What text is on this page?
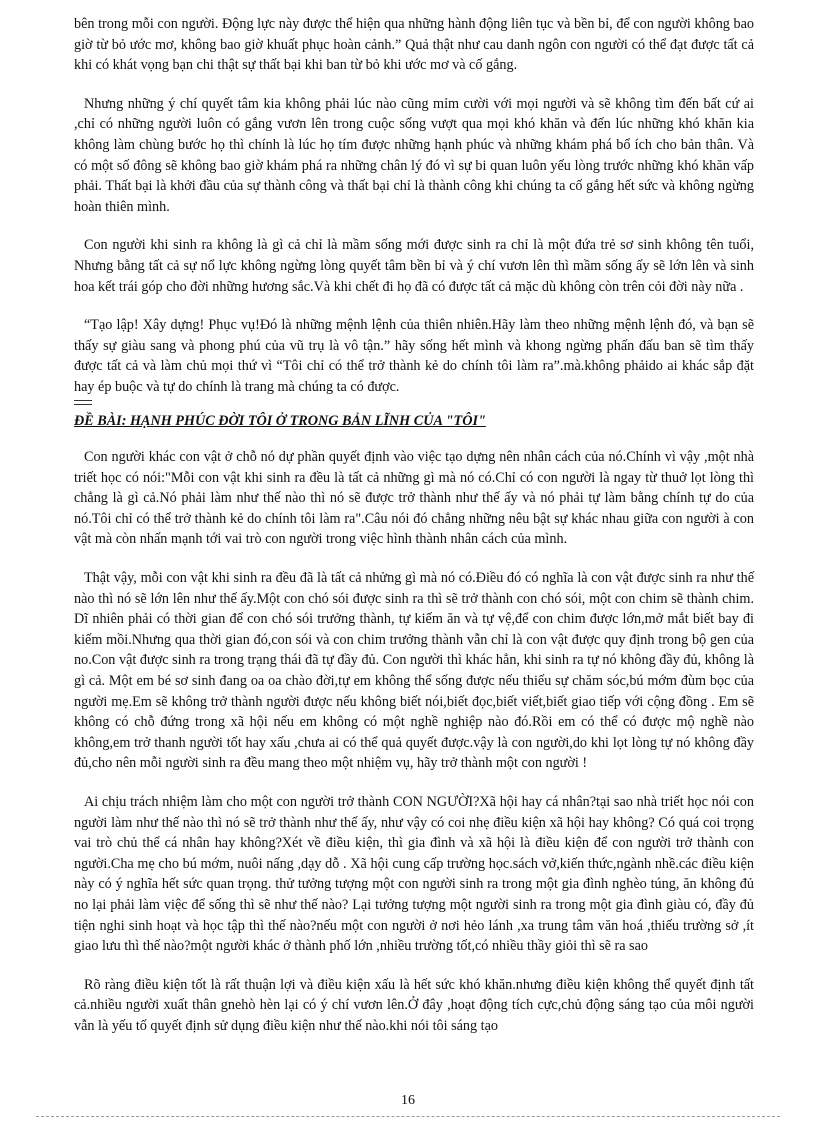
bên trong mỗi con người. Động lực này được thể hiện qua những hành động liên tục và bền bỉ, để con người không bao giờ từ bỏ ước mơ, không bao giờ khuất phục hoàn cảnh.” Quả thật như cau danh ngôn con người có thể đạt được tất cả khi có khát vọng bạn chi thật sự thất bại khi ban từ bỏ khi ước mơ và cố gắng.

Nhưng những ý chí quyết tâm kia không phải lúc nào cũng mỉm cười với mọi người và sẽ không tìm đến bất cứ ai ,chỉ có những người luôn có gắng vươn lên trong cuộc sống vượt qua mọi khó khăn và đến lúc những khó khăn kia không làm chùng bước họ thì chính là lúc họ tím được những hạnh phúc và những khám phá bổ ích cho bản thân. Và có một số đông sẽ không bao giờ khám phá ra những chân lý đó vì sự bi quan luôn yếu lòng trước những khó khăn vấp phải. Thất bại là khởi đầu của sự thành công và thất bại chỉ là thành công khi chúng ta cố gắng hết sức và không ngừng hoàn thiên mình.

Con người khi sinh ra không là gì cả chỉ là mầm sống mới được sinh ra chỉ là một đứa trẻ sơ sinh không tên tuổi, Nhưng bằng tất cả sự nổ lực không ngừng lòng quyết tâm bền bỉ và ý chí vươn lên thì mầm sống ấy sẽ lớn lên và sinh hoa kết trái góp cho đời những hương sắc.Và khi chết đi họ đã có được tất cả mặc dù không còn trên cỏi đời này nữa .

“Tạo lập! Xây dựng! Phục vụ!Đó là những mệnh lệnh của thiên nhiên.Hãy làm theo những mệnh lệnh đó, và bạn sẽ thấy sự giàu sang và phong phú của vũ trụ là vô tận.” hãy sống hết mình và khong ngừng phấn đấu ban sẽ tìm thấy được tất cả và làm chủ mọi thứ vì “Tôi chỉ có thể trở thành kẻ do chính tôi làm ra”.mà.không phảido ai khác sắp đặt hay ép buộc và tự do chính là trang mà chúng ta có được.

ĐỀ BÀI: HẠNH PHÚC ĐỜI TÔI Ở TRONG BẢN LĨNH CỦA "TÔI"

Con người khác con vật ở chỗ nó dự phần quyết định vào việc tạo dựng nên nhân cách của nó.Chính vì vậy ,một nhà triết học có nói:"Mỗi con vật khi sinh ra đều là tất cả những gì mà nó có.Chỉ có con người là ngay từ thuở lọt lòng thì chẳng là gì cả.Nó phải làm như thế nào thì nó sẽ được trở thành như thế ấy và nó phải tự làm bằng chính tự do của nó.Tôi chỉ có thể trở thành kẻ do chính tôi làm ra".Câu nói đó chẳng những nêu bật sự khác nhau giữa con người à con vật mà còn nhấn mạnh tới vai trò con người trong việc hình thành nhân cách của mình.

Thật vậy, mỗi con vật khi sinh ra đều đã là tất cả nhửng gì mà nó có.Điều đó có nghĩa là con vật được sinh ra như thế nào thì nó sẽ lớn lên như thế ấy.Một con chó sói được sinh ra thì sẽ trở thành con chó sói, một con chim sẽ thành chim. Dĩ nhiên phải có thời gian để con chó sói trưởng thành, tự kiếm ăn và tự vệ,để con chim được lớn,mở mắt biết bay đi kiếm mồi.Nhưng qua thời gian đó,con sói và con chim trưởng thành vẫn chỉ là con vật được quy định trong bộ gen của no.Con vật được sinh ra trong trạng thái đã tự đầy đủ. Con người thì khác hẳn, khi sinh ra tự nó không đầy đủ, không là gì cả. Một em bé sơ sinh đang oa oa chào đời,tự em không thể sống được nếu thiếu sự chăm sóc,bú mớm đùm bọc của người mẹ.Em sẽ không trở thành người được nếu không biết nói,biết đọc,biết viết,biết giao tiếp với cộng đồng . Em sẽ không có chỗ đứng trong xã hội nếu em không có một nghề nghiệp nào đó.Rồi em có thể có được mộ nghề nào không,em trở thanh người tốt hay xấu ,chưa ai có thể quả quyết được.vậy là con người,do khi lọt lòng tự nó không đầy đủ,cho nên mỗi người sinh ra đều mang theo một nhiệm vụ, hãy trở thành một con người !

Ai chịu trách nhiệm làm cho một con người trở thành CON NGƯỜI?Xã hội hay cá nhân?tại sao nhà triết học nói con người làm như thế nào thì nó sẽ trở thành như thế ấy, như vậy có coi nhẹ điều kiện xã hội hay không? Có quá coi trọng vai trò chủ thể cá nhân hay không?Xét về điều kiện, thì gia đình và xã hội là điều kiện để con người trở thành con người.Cha mẹ cho bú mớm, nuôi nấng ,dạy dỗ . Xã hội cung cấp trường học.sách vở,kiến thức,ngành nhề.các điều kiện này có ý nghĩa hết sức quan trọng. thử tưởng tượng một con người sinh ra trong một gia đình nghèo túng, ăn không đủ no lại phải làm việc để sống thì sẽ như thế nào? Lại tưởng tượng một người sinh ra trong một gia đình giàu có, đầy đủ tiện nghi sinh hoạt và học tập thì thế nào?nếu một con người ở nơi hẻo lánh ,xa trung tâm văn hoá ,thiếu trường sở ,ít giao lưu thì thế nào?một người khác ở thành phố lớn ,nhiều trường tốt,có nhiều thầy giỏi thì sẽ ra sao

Rõ ràng điều kiện tốt là rất thuận lợi và điều kiện xấu là hết sức khó khăn.nhưng điều kiện không thể quyết định tất cả.nhiều người xuất thân gnehò hèn lại có ý chí vươn lên.Ở đây ,hoạt động tích cực,chủ động sáng tạo của môi người vẫn là yếu tố quyết định sử dụng điều kiện như thế nào.khi nói tôi sáng tạo

16
